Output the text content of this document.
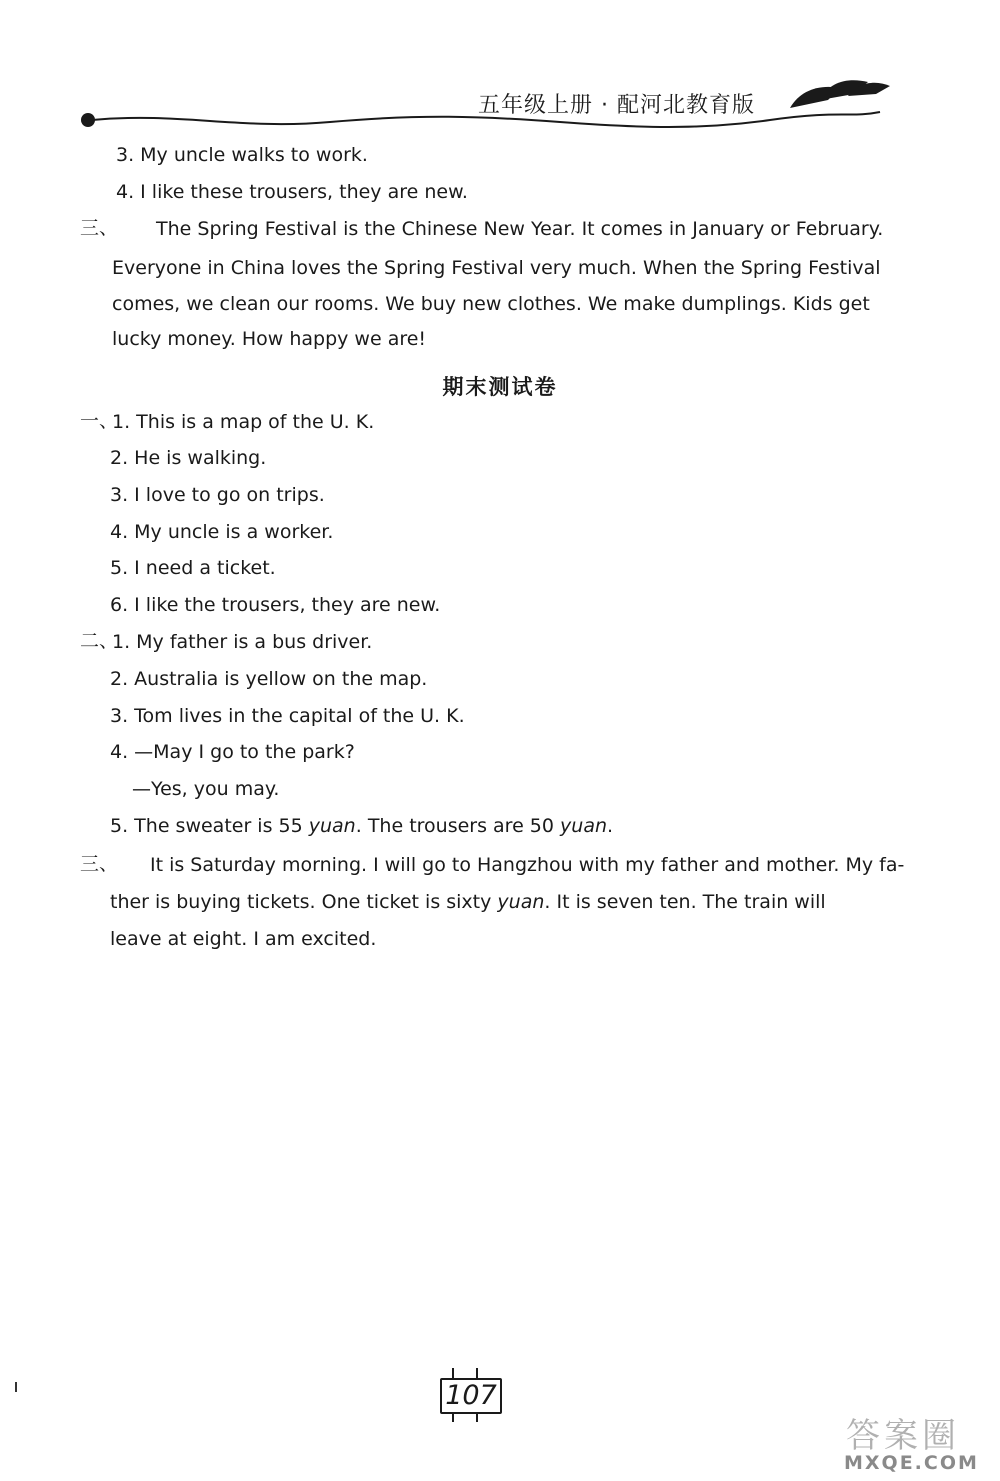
五年级上册 · 配河北教育版
3. My uncle walks to work.
4. I like these trousers, they are new.
三、 The Spring Festival is the Chinese New Year. It comes in January or February.
Everyone in China loves the Spring Festival very much. When the Spring Festival
comes, we clean our rooms. We buy new clothes. We make dumplings. Kids get
lucky money. How happy we are!
期末测试卷
一、
1. This is a map of the U. K.
2. He is walking.
3. I love to go on trips.
4. My uncle is a worker.
5. I need a ticket.
6. I like the trousers, they are new.
二、
1. My father is a bus driver.
2. Australia is yellow on the map.
3. Tom lives in the capital of the U. K.
4. —May I go to the park?
—Yes, you may.
5. The sweater is 55 yuan. The trousers are 50 yuan.
三、 It is Saturday morning. I will go to Hangzhou with my father and mother. My fa-
ther is buying tickets. One ticket is sixty yuan. It is seven ten. The train will
leave at eight. I am excited.
107
答案圈
MXQE.COM
